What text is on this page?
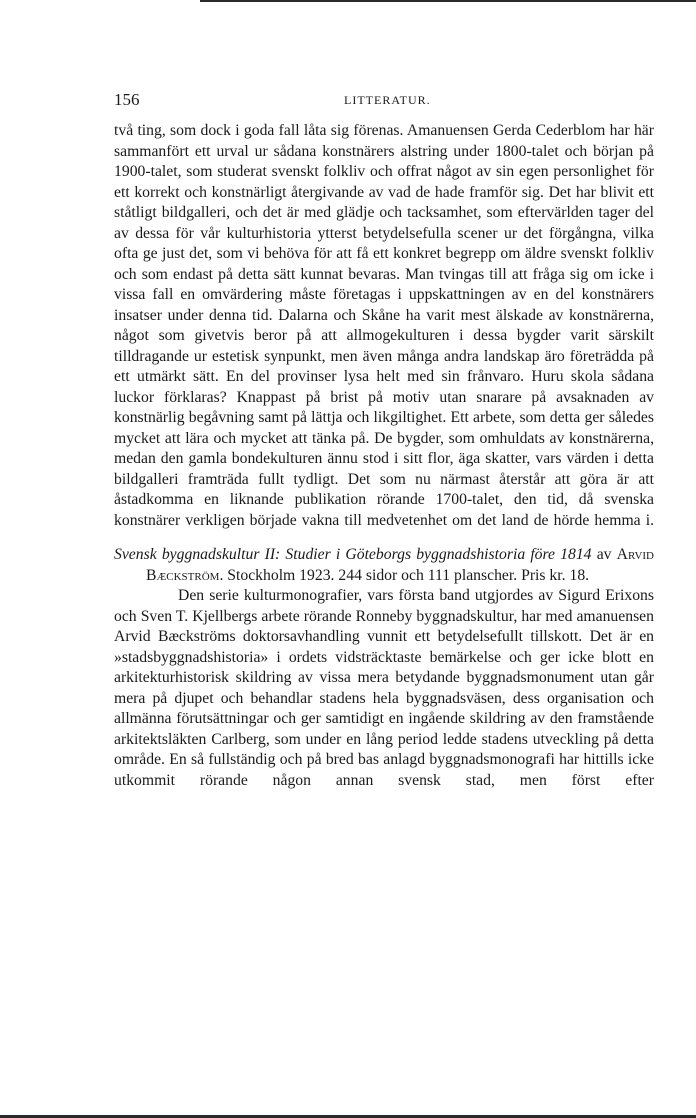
156	LITTERATUR.

två ting, som dock i goda fall låta sig förenas. Amanuensen Gerda Cederblom har här sammanfört ett urval ur sådana konstnärers alstring under 1800-talet och början på 1900-talet, som studerat svenskt folkliv och offrat något av sin egen personlighet för ett korrekt och konstnärligt återgivande av vad de hade framför sig. Det har blivit ett ståtligt bildgalleri, och det är med glädje och tacksamhet, som eftervärlden tager del av dessa för vår kulturhistoria ytterst betydelsefulla scener ur det förgångna, vilka ofta ge just det, som vi behöva för att få ett konkret begrepp om äldre svenskt folkliv och som endast på detta sätt kunnat bevaras. Man tvingas till att fråga sig om icke i vissa fall en omvärdering måste företagas i uppskattningen av en del konstnärers insatser under denna tid. Dalarna och Skåne ha varit mest älskade av konstnärerna, något som givetvis beror på att allmogekulturen i dessa bygder varit särskilt tilldragande ur estetisk synpunkt, men även många andra landskap äro företrädda på ett utmärkt sätt. En del provinser lysa helt med sin frånvaro. Huru skola sådana luckor förklaras? Knappast på brist på motiv utan snarare på avsaknaden av konstnärlig begåvning samt på lättja och likgiltighet. Ett arbete, som detta ger således mycket att lära och mycket att tänka på. De bygder, som omhuldats av konstnärerna, medan den gamla bondekulturen ännu stod i sitt flor, äga skatter, vars värden i detta bildgalleri framträda fullt tydligt. Det som nu närmast återstår att göra är att åstadkomma en liknande publikation rörande 1700-talet, den tid, då svenska konstnärer verkligen började vakna till medvetenhet om det land de hörde hemma i.

Svensk byggnadskultur II: Studier i Göteborgs byggnadshistoria före 1814 av Arvid Bæckström. Stockholm 1923. 244 sidor och 111 planscher. Pris kr. 18.

Den serie kulturmonografier, vars första band utgjordes av Sigurd Erixons och Sven T. Kjellbergs arbete rörande Ronneby byggnadskultur, har med amanuensen Arvid Bæckströms doktorsavhandling vunnit ett betydelsefullt tillskott. Det är en »stadsbyggnadshistoria» i ordets vidsträcktaste bemärkelse och ger icke blott en arkitekturhistorisk skildring av vissa mera betydande byggnadsmonument utan går mera på djupet och behandlar stadens hela byggnadsväsen, dess organisation och allmänna förutsättningar och ger samtidigt en ingående skildring av den framstående arkitektsläkten Carlberg, som under en lång period ledde stadens utveckling på detta område. En så fullständig och på bred bas anlagd byggnadsmonografi har hittills icke utkommit rörande någon annan svensk stad, men först efter
